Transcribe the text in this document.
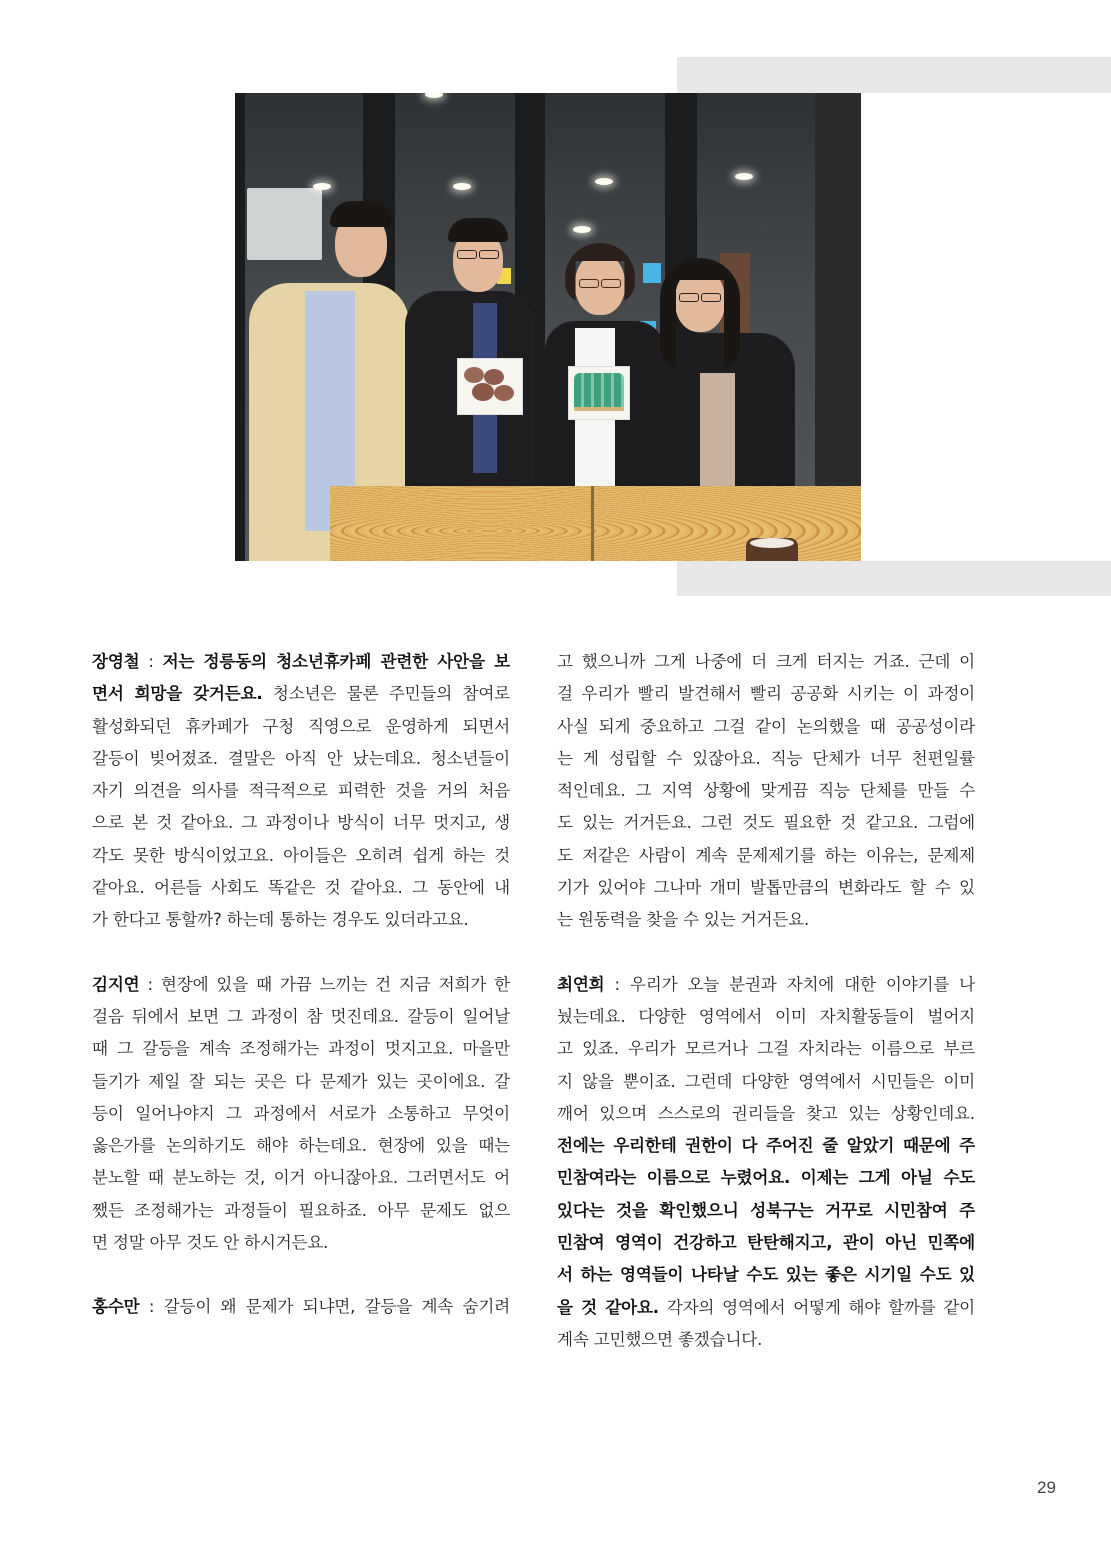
장영철 : 저는 정릉동의 청소년휴카페 관련한 사안을 보
면서 희망을 갖거든요. 청소년은 물론 주민들의 참여로
활성화되던 휴카페가 구청 직영으로 운영하게 되면서
갈등이 빚어졌죠. 결말은 아직 안 났는데요. 청소년들이
자기 의견을 의사를 적극적으로 피력한 것을 거의 처음
으로 본 것 같아요. 그 과정이나 방식이 너무 멋지고, 생
각도 못한 방식이었고요. 아이들은 오히려 쉽게 하는 것
같아요. 어른들 사회도 똑같은 것 같아요. 그 동안에 내
가 한다고 통할까? 하는데 통하는 경우도 있더라고요.
김지연 : 현장에 있을 때 가끔 느끼는 건 지금 저희가 한
걸음 뒤에서 보면 그 과정이 참 멋진데요. 갈등이 일어날
때 그 갈등을 계속 조정해가는 과정이 멋지고요. 마을만
들기가 제일 잘 되는 곳은 다 문제가 있는 곳이에요. 갈
등이 일어나야지 그 과정에서 서로가 소통하고 무엇이
옳은가를 논의하기도 해야 하는데요. 현장에 있을 때는
분노할 때 분노하는 것, 이거 아니잖아요. 그러면서도 어
쨌든 조정해가는 과정들이 필요하죠. 아무 문제도 없으
면 정말 아무 것도 안 하시거든요.
홍수만 : 갈등이 왜 문제가 되냐면, 갈등을 계속 숨기려
고 했으니까 그게 나중에 더 크게 터지는 거죠. 근데 이
걸 우리가 빨리 발견해서 빨리 공공화 시키는 이 과정이
사실 되게 중요하고 그걸 같이 논의했을 때 공공성이라
는 게 성립할 수 있잖아요. 직능 단체가 너무 천편일률
적인데요. 그 지역 상황에 맞게끔 직능 단체를 만들 수
도 있는 거거든요. 그런 것도 필요한 것 같고요. 그럼에
도 저같은 사람이 계속 문제제기를 하는 이유는, 문제제
기가 있어야 그나마 개미 발톱만큼의 변화라도 할 수 있
는 원동력을 찾을 수 있는 거거든요.
최연희 : 우리가 오늘 분권과 자치에 대한 이야기를 나
눴는데요. 다양한 영역에서 이미 자치활동들이 벌어지
고 있죠. 우리가 모르거나 그걸 자치라는 이름으로 부르
지 않을 뿐이죠. 그런데 다양한 영역에서 시민들은 이미
깨어 있으며 스스로의 권리들을 찾고 있는 상황인데요.
전에는 우리한테 권한이 다 주어진 줄 알았기 때문에 주
민참여라는 이름으로 누렸어요. 이제는 그게 아닐 수도
있다는 것을 확인했으니 성북구는 거꾸로 시민참여 주
민참여 영역이 건강하고 탄탄해지고, 관이 아닌 민쪽에
서 하는 영역들이 나타날 수도 있는 좋은 시기일 수도 있
을 것 같아요. 각자의 영역에서 어떻게 해야 할까를 같이
계속 고민했으면 좋겠습니다.
29
